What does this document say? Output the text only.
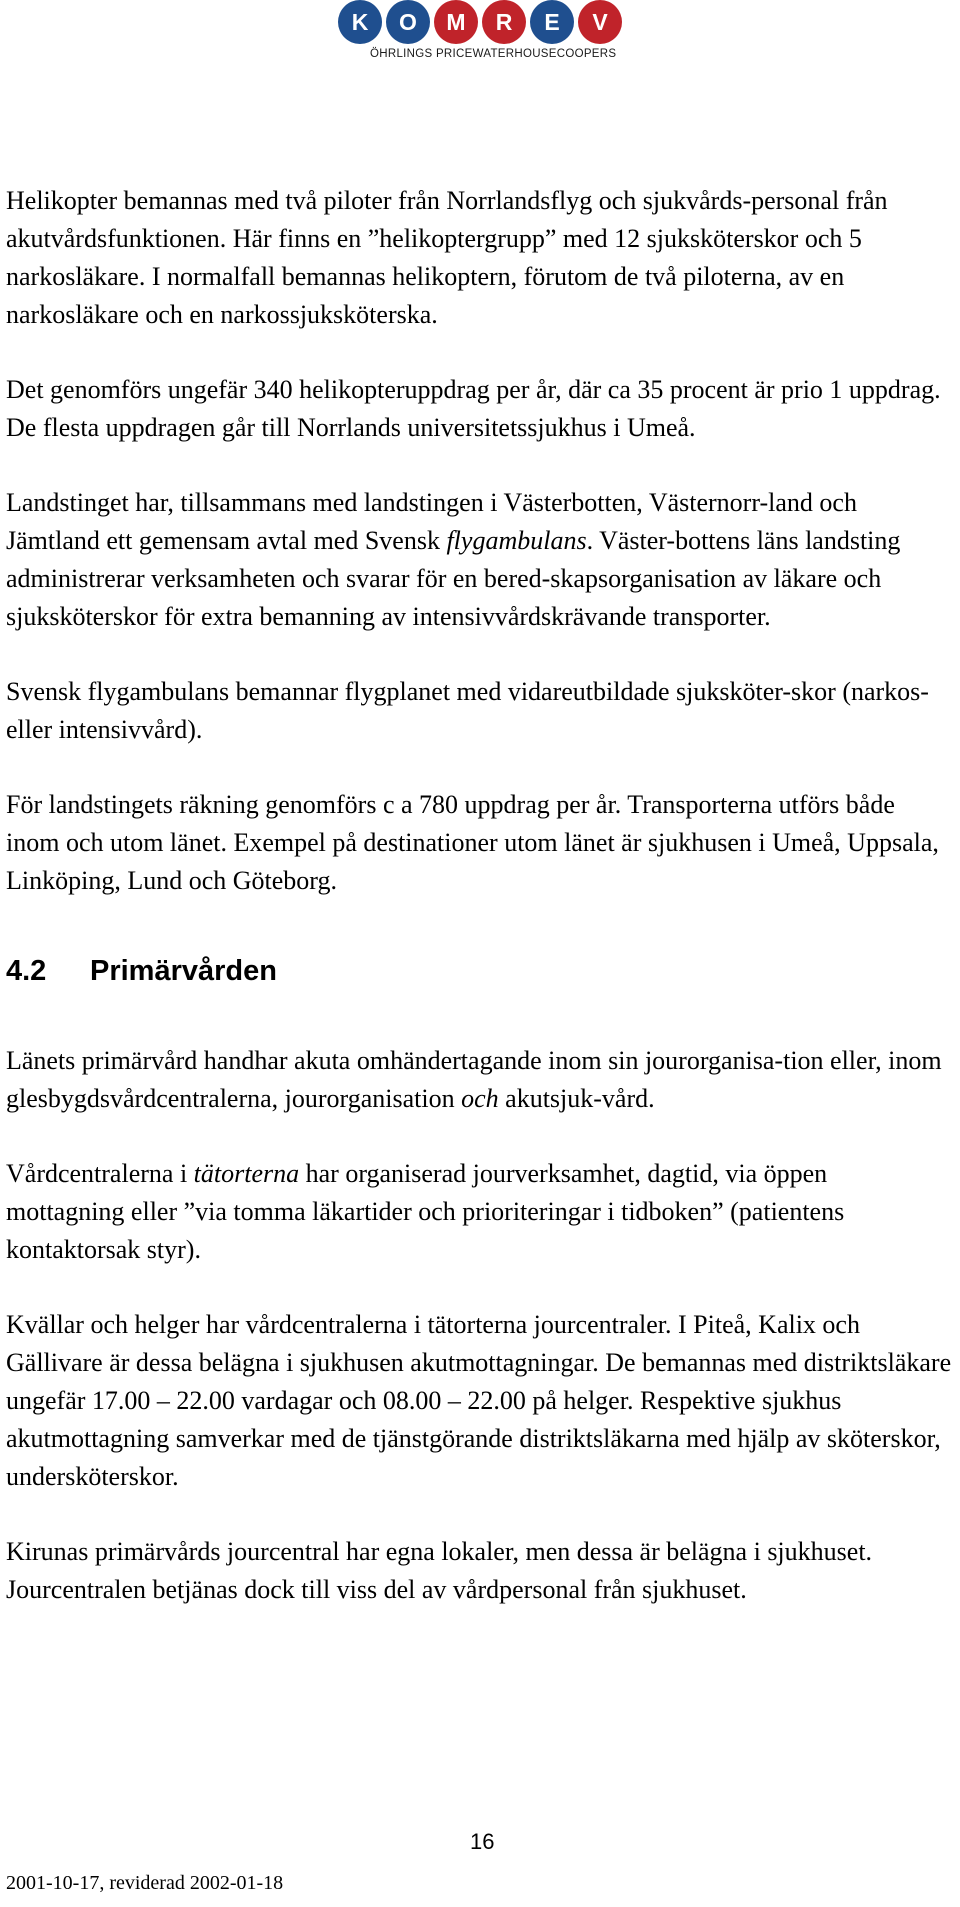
K	O	M	R	E	V
ÖHRLINGS PRICEWATERHOUSECOOPERS

Helikopter bemannas med två piloter från Norrlandsflyg och sjukvårds-personal från akutvårdsfunktionen. Här finns en ”helikoptergrupp” med 12 sjuksköterskor och 5 narkosläkare. I normalfall bemannas helikoptern, förutom de två piloterna, av en narkosläkare och en narkossjuksköterska.

Det genomförs ungefär 340 helikopteruppdrag per år, där ca 35 procent är prio 1 uppdrag. De flesta uppdragen går till Norrlands universitetssjukhus i Umeå.

Landstinget har, tillsammans med landstingen i Västerbotten, Västernorr-land och Jämtland ett gemensam avtal med Svensk flygambulans. Väster-bottens läns landsting administrerar verksamheten och svarar för en bered-skapsorganisation av läkare och sjuksköterskor för extra bemanning av intensivvårdskrävande transporter.

Svensk flygambulans bemannar flygplanet med vidareutbildade sjuksköter-skor (narkos- eller intensivvård).

För landstingets räkning genomförs c a 780 uppdrag per år. Transporterna utförs både inom och utom länet. Exempel på destinationer utom länet är sjukhusen i Umeå, Uppsala, Linköping, Lund och Göteborg.

4.2	Primärvården

Länets primärvård handhar akuta omhändertagande inom sin jourorganisa-tion eller, inom glesbygdsvårdcentralerna, jourorganisation och akutsjuk-vård.

Vårdcentralerna i tätorterna har organiserad jourverksamhet, dagtid, via öppen mottagning eller ”via tomma läkartider och prioriteringar i tidboken” (patientens kontaktorsak styr).

Kvällar och helger har vårdcentralerna i tätorterna jourcentraler. I Piteå, Kalix och Gällivare är dessa belägna i sjukhusen akutmottagningar. De bemannas med distriktsläkare ungefär 17.00 – 22.00 vardagar och 08.00 – 22.00 på helger. Respektive sjukhus akutmottagning samverkar med de tjänstgörande distriktsläkarna med hjälp av sköterskor, undersköterskor.

Kirunas primärvårds jourcentral har egna lokaler, men dessa är belägna i sjukhuset. Jourcentralen betjänas dock till viss del av vårdpersonal från sjukhuset.

16
2001-10-17, reviderad 2002-01-18
